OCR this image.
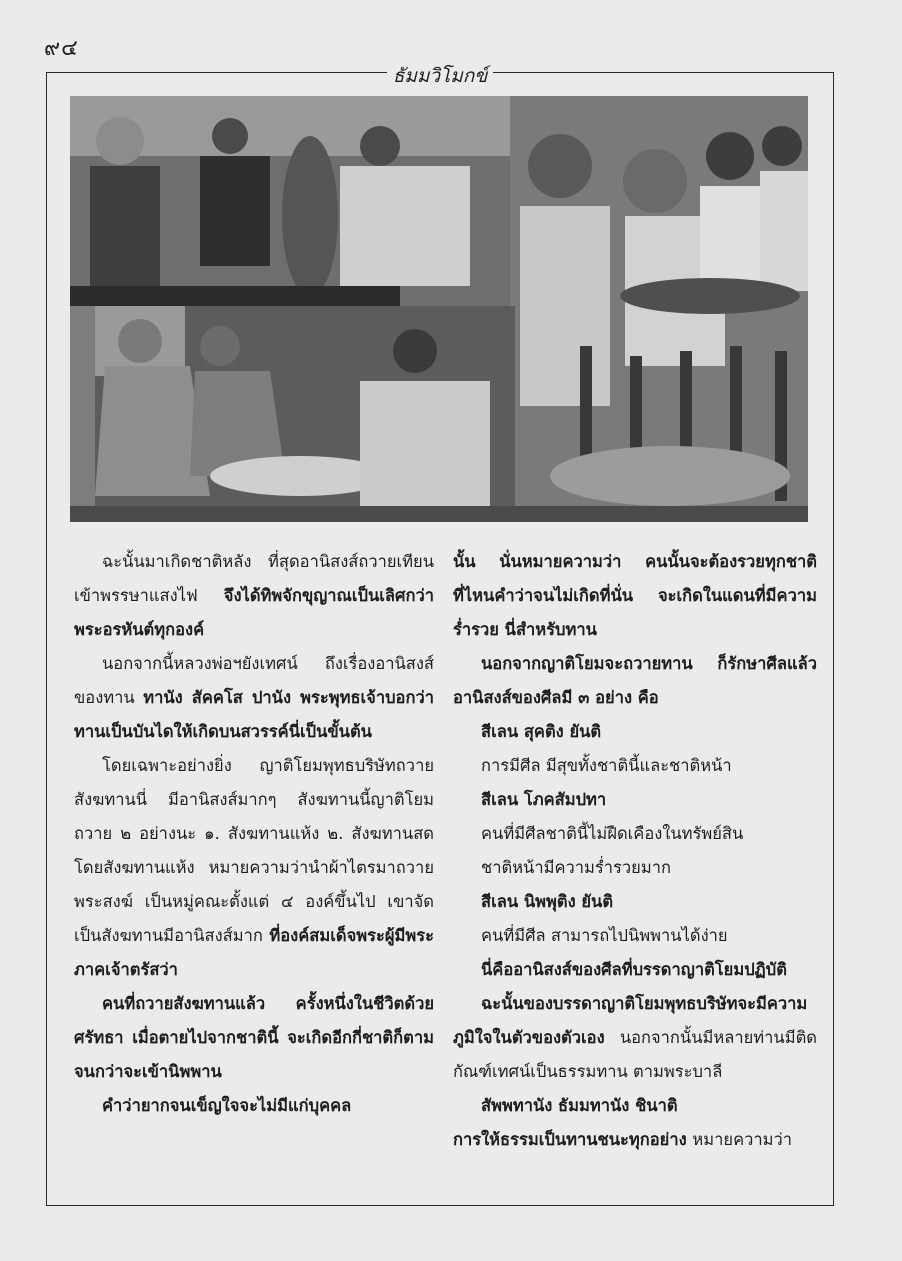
๙๔
ธัมมวิโมกข์

ฉะนั้นมาเกิดชาติหลัง ที่สุดอานิสงส์ถวายเทียนเข้าพรรษาแสงไฟ จึงได้ทิพจักขุญาณเป็นเลิศกว่าพระอรหันต์ทุกองค์

นอกจากนี้หลวงพ่อฯยังเทศน์ ถึงเรื่องอานิสงส์ของทาน ทานัง สัคคโส ปานัง พระพุทธเจ้าบอกว่าทานเป็นบันไดให้เกิดบนสวรรค์นี่เป็นขั้นต้น

โดยเฉพาะอย่างยิ่ง ญาติโยมพุทธบริษัทถวายสังฆทานนี่ มีอานิสงส์มากๆ สังฆทานนี้ญาติโยมถวาย ๒ อย่างนะ ๑. สังฆทานแห้ง ๒. สังฆทานสด โดยสังฆทานแห้ง หมายความว่านำผ้าไตรมาถวายพระสงฆ์ เป็นหมู่คณะตั้งแต่ ๔ องค์ขึ้นไป เขาจัดเป็นสังฆทานมีอานิสงส์มาก ที่องค์สมเด็จพระผู้มีพระภาคเจ้าตรัสว่า

คนที่ถวายสังฆทานแล้ว ครั้งหนึ่งในชีวิตด้วยศรัทธา เมื่อตายไปจากชาตินี้ จะเกิดอีกกี่ชาติก็ตาม จนกว่าจะเข้านิพพาน

คำว่ายากจนเข็ญใจจะไม่มีแก่บุคคล

นั้น นั่นหมายความว่า คนนั้นจะต้องรวยทุกชาติที่ไหนคำว่าจนไม่เกิดที่นั่น จะเกิดในแดนที่มีความร่ำรวย นี่สำหรับทาน

นอกจากญาติโยมจะถวายทาน ก็รักษาศีลแล้วอานิสงส์ของศีลมี ๓ อย่าง คือ

สีเลน สุคติง ยันติ

การมีศีล มีสุขทั้งชาตินี้และชาติหน้า

สีเลน โภคสัมปทา

คนที่มีศีลชาตินี้ไม่ฝืดเคืองในทรัพย์สิน

ชาติหน้ามีความร่ำรวยมาก

สีเลน นิพพุติง ยันติ

คนที่มีศีล สามารถไปนิพพานได้ง่าย

นี่คืออานิสงส์ของศีลที่บรรดาญาติโยมปฏิบัติ

ฉะนั้นของบรรดาญาติโยมพุทธบริษัทจะมีความภูมิใจในตัวของตัวเอง นอกจากนั้นมีหลายท่านมีติดกัณฑ์เทศน์เป็นธรรมทาน ตามพระบาลี

สัพพทานัง ธัมมทานัง ชินาติ

การให้ธรรมเป็นทานชนะทุกอย่าง หมายความว่า
